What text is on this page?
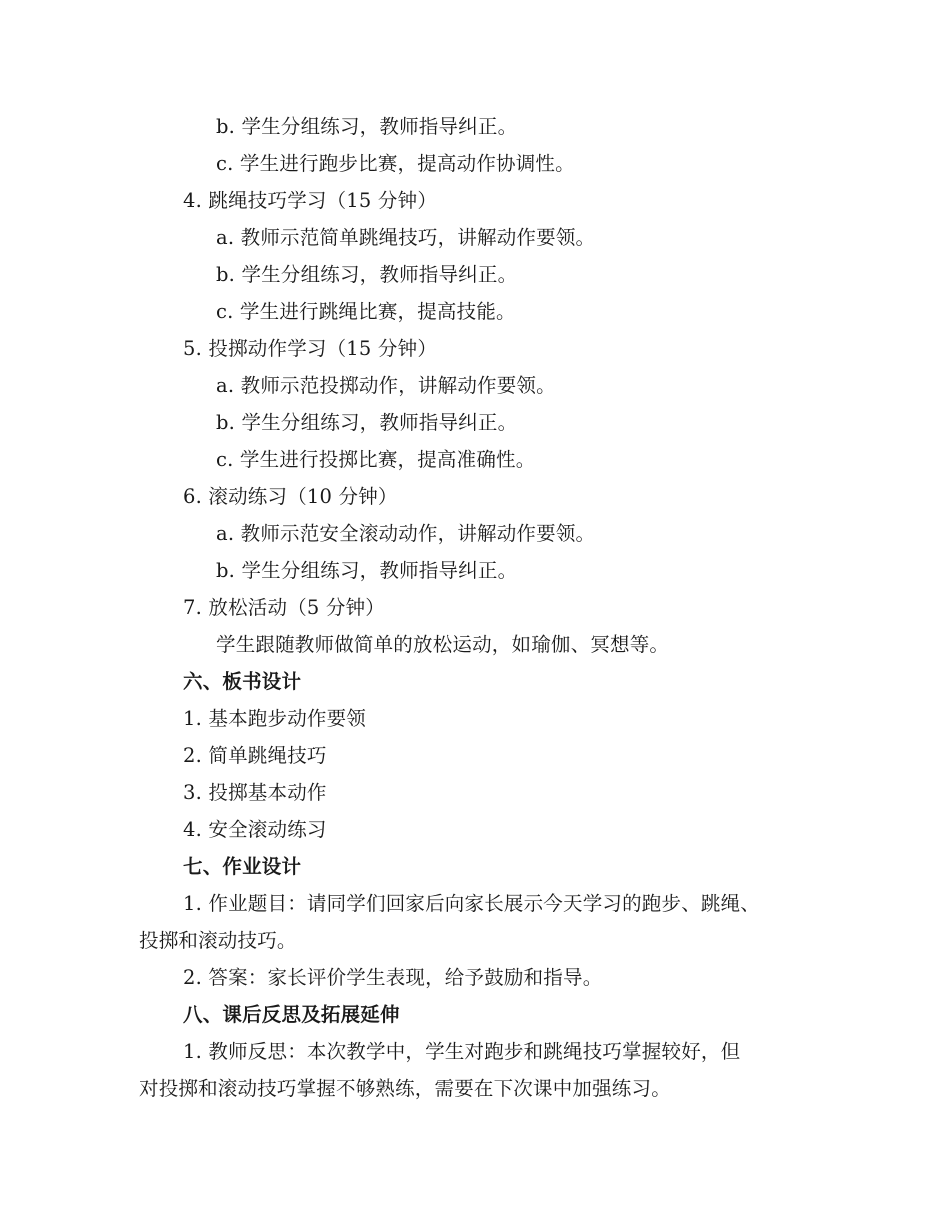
b. 学生分组练习，教师指导纠正。
c. 学生进行跑步比赛，提高动作协调性。
4. 跳绳技巧学习（15 分钟）
a. 教师示范简单跳绳技巧，讲解动作要领。
b. 学生分组练习，教师指导纠正。
c. 学生进行跳绳比赛，提高技能。
5. 投掷动作学习（15 分钟）
a. 教师示范投掷动作，讲解动作要领。
b. 学生分组练习，教师指导纠正。
c. 学生进行投掷比赛，提高准确性。
6. 滚动练习（10 分钟）
a. 教师示范安全滚动动作，讲解动作要领。
b. 学生分组练习，教师指导纠正。
7. 放松活动（5 分钟）
学生跟随教师做简单的放松运动，如瑜伽、冥想等。
六、板书设计
1. 基本跑步动作要领
2. 简单跳绳技巧
3. 投掷基本动作
4. 安全滚动练习
七、作业设计
1. 作业题目：请同学们回家后向家长展示今天学习的跑步、跳绳、
投掷和滚动技巧。
2. 答案：家长评价学生表现，给予鼓励和指导。
八、课后反思及拓展延伸
1. 教师反思：本次教学中，学生对跑步和跳绳技巧掌握较好，但
对投掷和滚动技巧掌握不够熟练，需要在下次课中加强练习。
